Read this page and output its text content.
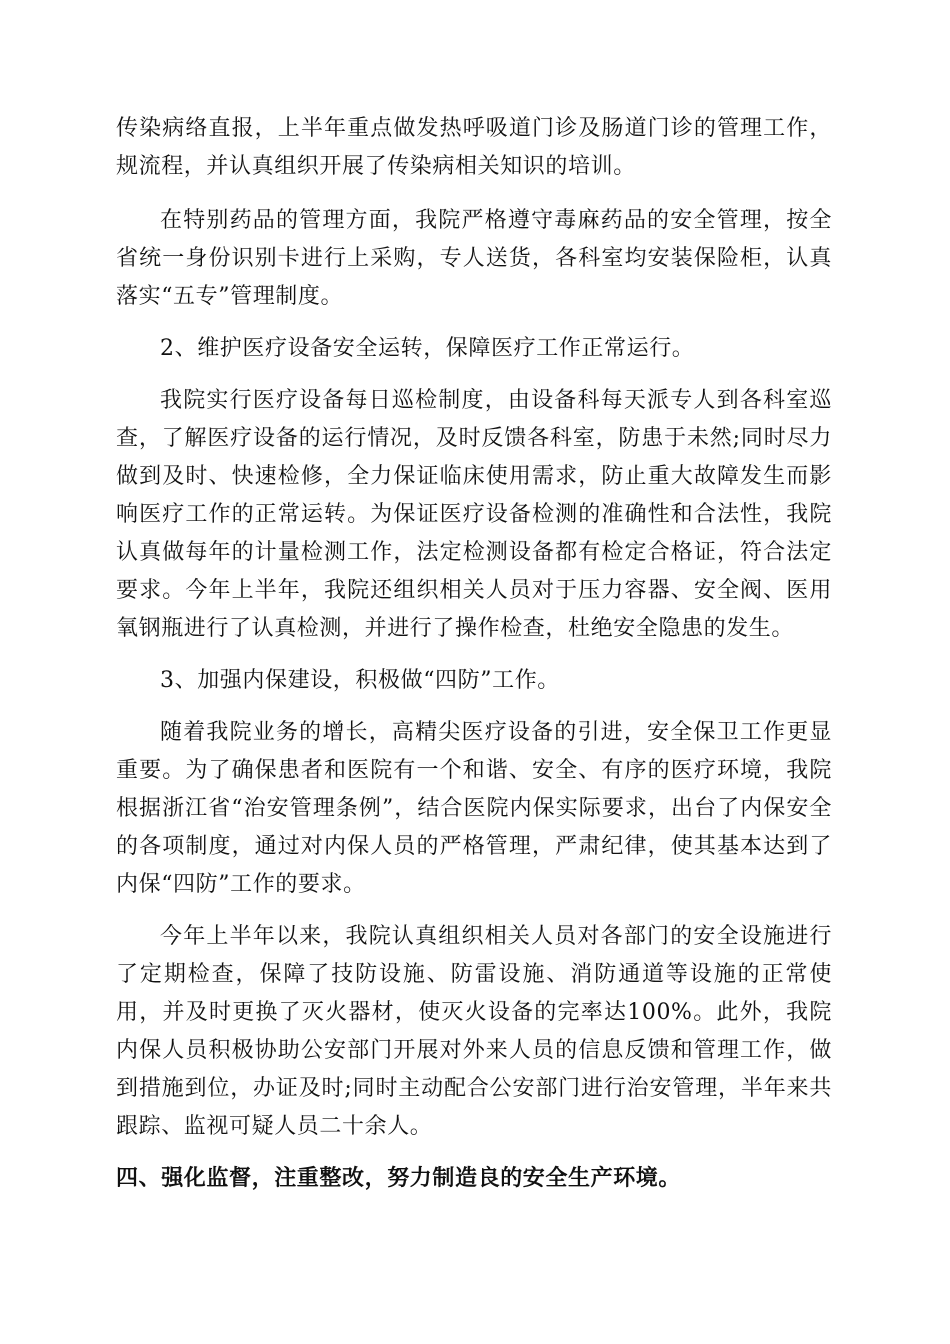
传染病络直报，上半年重点做发热呼吸道门诊及肠道门诊的管理工作，规流程，并认真组织开展了传染病相关知识的培训。

在特别药品的管理方面，我院严格遵守毒麻药品的安全管理，按全省统一身份识别卡进行上采购，专人送货，各科室均安装保险柜，认真落实“五专”管理制度。

2、维护医疗设备安全运转，保障医疗工作正常运行。

我院实行医疗设备每日巡检制度，由设备科每天派专人到各科室巡查，了解医疗设备的运行情况，及时反馈各科室，防患于未然;同时尽力做到及时、快速检修，全力保证临床使用需求，防止重大故障发生而影响医疗工作的正常运转。为保证医疗设备检测的准确性和合法性，我院认真做每年的计量检测工作，法定检测设备都有检定合格证，符合法定要求。今年上半年，我院还组织相关人员对于压力容器、安全阀、医用氧钢瓶进行了认真检测，并进行了操作检查，杜绝安全隐患的发生。

3、加强内保建设，积极做“四防”工作。

随着我院业务的增长，高精尖医疗设备的引进，安全保卫工作更显重要。为了确保患者和医院有一个和谐、安全、有序的医疗环境，我院根据浙江省“治安管理条例”，结合医院内保实际要求，出台了内保安全的各项制度，通过对内保人员的严格管理，严肃纪律，使其基本达到了内保“四防”工作的要求。

今年上半年以来，我院认真组织相关人员对各部门的安全设施进行了定期检查，保障了技防设施、防雷设施、消防通道等设施的正常使用，并及时更换了灭火器材，使灭火设备的完率达100%。此外，我院内保人员积极协助公安部门开展对外来人员的信息反馈和管理工作，做到措施到位，办证及时;同时主动配合公安部门进行治安管理，半年来共跟踪、监视可疑人员二十余人。

四、强化监督，注重整改，努力制造良的安全生产环境。
